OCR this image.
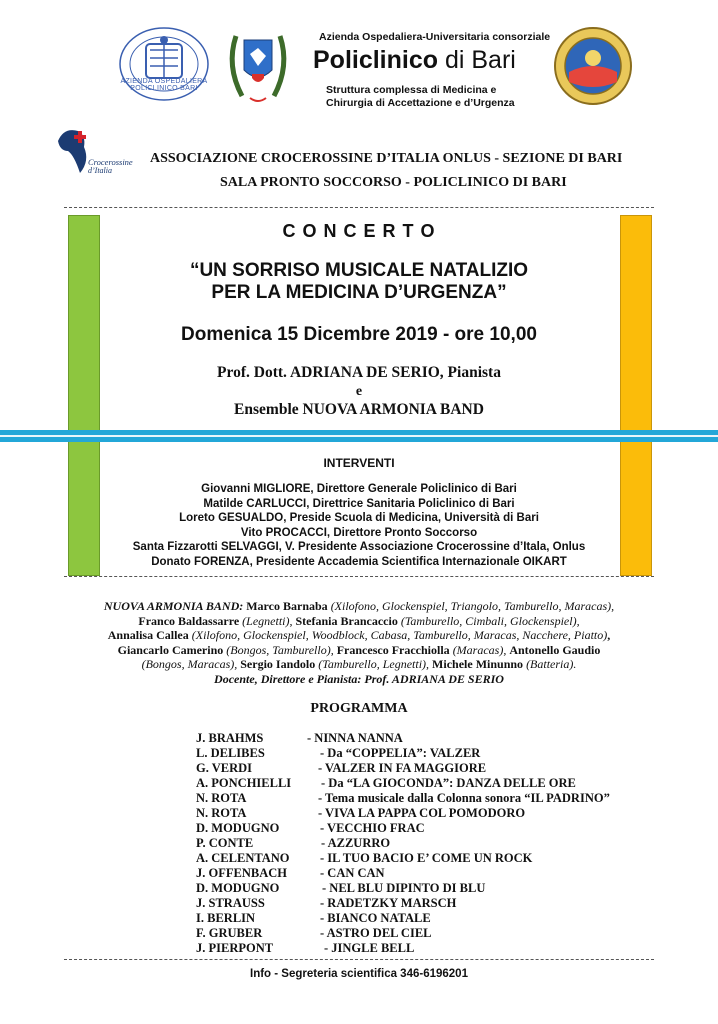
AZIENDA OSPEDALIERA POLICLINICO BARI
Azienda Ospedaliera-Universitaria consorziale
Policlinico di Bari
Struttura complessa di Medicina e
Chirurgia di Accettazione e d’Urgenza
Crocerossine
d’Italia
ASSOCIAZIONE CROCEROSSINE D’ITALIA ONLUS - SEZIONE DI BARI
SALA PRONTO SOCCORSO - POLICLINICO DI BARI
C O N C E R T O
“UN SORRISO MUSICALE NATALIZIO
PER LA MEDICINA D’URGENZA”
Domenica 15 Dicembre 2019 - ore 10,00
Prof. Dott. ADRIANA DE SERIO, Pianista
e
Ensemble NUOVA ARMONIA BAND
INTERVENTI
Giovanni MIGLIORE, Direttore Generale Policlinico di Bari
Matilde CARLUCCI, Direttrice Sanitaria Policlinico di Bari
Loreto GESUALDO, Preside Scuola di Medicina, Università di Bari
Vito PROCACCI, Direttore Pronto Soccorso
Santa Fizzarotti SELVAGGI, V. Presidente Associazione Crocerossine d’Itala, Onlus
Donato FORENZA, Presidente Accademia Scientifica Internazionale OIKART
NUOVA ARMONIA BAND: Marco Barnaba (Xilofono, Glockenspiel, Triangolo, Tamburello, Maracas),
Franco Baldassarre (Legnetti), Stefania Brancaccio (Tamburello, Cimbali, Glockenspiel),
Annalisa Callea (Xilofono, Glockenspiel, Woodblock, Cabasa, Tamburello, Maracas, Nacchere, Piatto),
Giancarlo Camerino (Bongos, Tamburello), Francesco Fracchiolla (Maracas), Antonello Gaudio
(Bongos, Maracas), Sergio Iandolo (Tamburello, Legnetti), Michele Minunno (Batteria).
Docente, Direttore e Pianista: Prof. ADRIANA DE SERIO
PROGRAMMA
J. BRAHMS	- NINNA NANNA
L. DELIBES	- Da “COPPELIA”: VALZER
G. VERDI	- VALZER IN FA MAGGIORE
A. PONCHIELLI - Da “LA GIOCONDA”: DANZA DELLE ORE
N. ROTA	- Tema musicale dalla Colonna sonora “IL PADRINO”
N. ROTA	- VIVA LA PAPPA COL POMODORO
D. MODUGNO	- VECCHIO FRAC
P. CONTE	- AZZURRO
A. CELENTANO - IL TUO BACIO E’ COME UN ROCK
J. OFFENBACH	- CAN CAN
D. MODUGNO	- NEL BLU DIPINTO DI BLU
J. STRAUSS	- RADETZKY MARSCH
I. BERLIN	- BIANCO NATALE
F. GRUBER	- ASTRO DEL CIEL
J. PIERPONT	- JINGLE BELL
Info - Segreteria scientifica 346-6196201
